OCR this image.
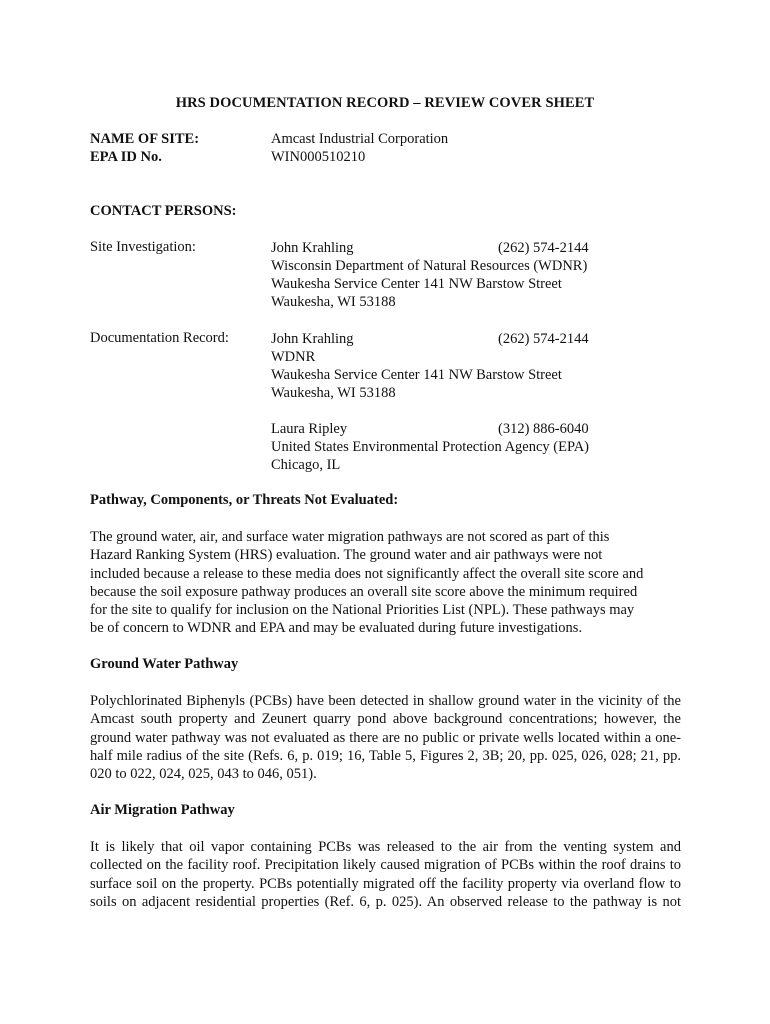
HRS DOCUMENTATION RECORD – REVIEW COVER SHEET
NAME OF SITE:	Amcast Industrial Corporation
EPA ID No.	WIN000510210
CONTACT PERSONS:
Site Investigation:	John Krahling	(262) 574-2144
Wisconsin Department of Natural Resources (WDNR)
Waukesha Service Center 141 NW Barstow Street
Waukesha, WI 53188
Documentation Record:	John Krahling	(262) 574-2144
WDNR
Waukesha Service Center 141 NW Barstow Street
Waukesha, WI 53188
Laura Ripley	(312) 886-6040
United States Environmental Protection Agency (EPA)
Chicago, IL
Pathway, Components, or Threats Not Evaluated:
The ground water, air, and surface water migration pathways are not scored as part of this
Hazard Ranking System (HRS) evaluation. The ground water and air pathways were not
included because a release to these media does not significantly affect the overall site score and
because the soil exposure pathway produces an overall site score above the minimum required
for the site to qualify for inclusion on the National Priorities List (NPL). These pathways may
be of concern to WDNR and EPA and may be evaluated during future investigations.
Ground Water Pathway
Polychlorinated Biphenyls (PCBs) have been detected in shallow ground water in the vicinity of the
Amcast south property and Zeunert quarry pond above background concentrations; however, the
ground water pathway was not evaluated as there are no public or private wells located within a one-
half mile radius of the site (Refs. 6, p. 019; 16, Table 5, Figures 2, 3B; 20, pp. 025, 026, 028; 21, pp.
020 to 022, 024, 025, 043 to 046, 051).
Air Migration Pathway
It is likely that oil vapor containing PCBs was released to the air from the venting system and
collected on the facility roof. Precipitation likely caused migration of PCBs within the roof drains to
surface soil on the property. PCBs potentially migrated off the facility property via overland flow to
soils on adjacent residential properties (Ref. 6, p. 025). An observed release to the pathway is not
